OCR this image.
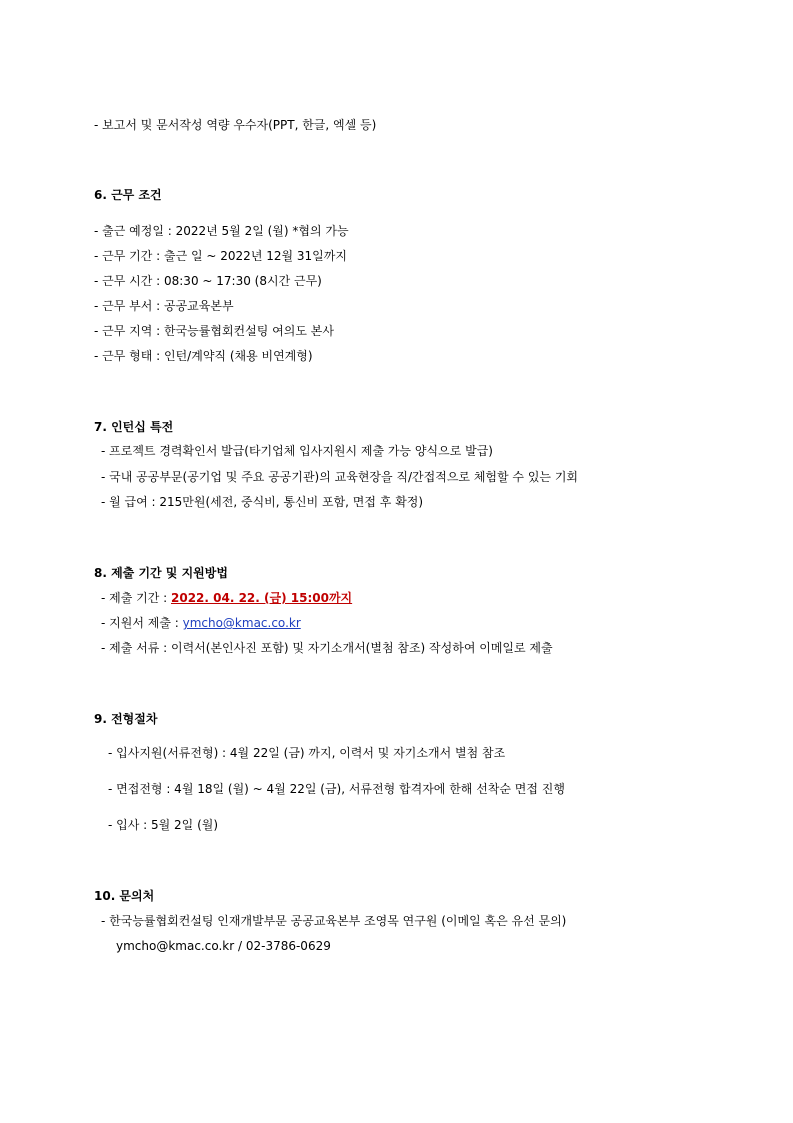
- 보고서 및 문서작성 역량 우수자(PPT, 한글, 엑셀 등)
6. 근무 조건
- 출근 예정일 : 2022년 5월 2일 (월) *협의 가능
- 근무 기간 : 출근 일 ~ 2022년 12월 31일까지
- 근무 시간 : 08:30 ~ 17:30 (8시간 근무)
- 근무 부서 : 공공교육본부
- 근무 지역 : 한국능률협회컨설팅 여의도 본사
- 근무 형태 : 인턴/계약직 (채용 비연계형)
7. 인턴십 특전
- 프로젝트 경력확인서 발급(타기업체 입사지원시 제출 가능 양식으로 발급)
- 국내 공공부문(공기업 및 주요 공공기관)의 교육현장을 직/간접적으로 체험할 수 있는 기회
- 월 급여 : 215만원(세전, 중식비, 통신비 포함, 면접 후 확정)
8. 제출 기간 및 지원방법
- 제출 기간 : 2022. 04. 22. (금) 15:00까지
- 지원서 제출 : ymcho@kmac.co.kr
- 제출 서류 : 이력서(본인사진 포함) 및 자기소개서(별첨 참조) 작성하여 이메일로 제출
9. 전형절차
- 입사지원(서류전형) : 4월 22일 (금) 까지, 이력서 및 자기소개서 별첨 참조
- 면접전형 : 4월 18일 (월) ~ 4월 22일 (금), 서류전형 합격자에 한해 선착순 면접 진행
- 입사 : 5월 2일 (월)
10. 문의처
- 한국능률협회컨설팅 인재개발부문 공공교육본부 조영목 연구원 (이메일 혹은 유선 문의)
ymcho@kmac.co.kr / 02-3786-0629
